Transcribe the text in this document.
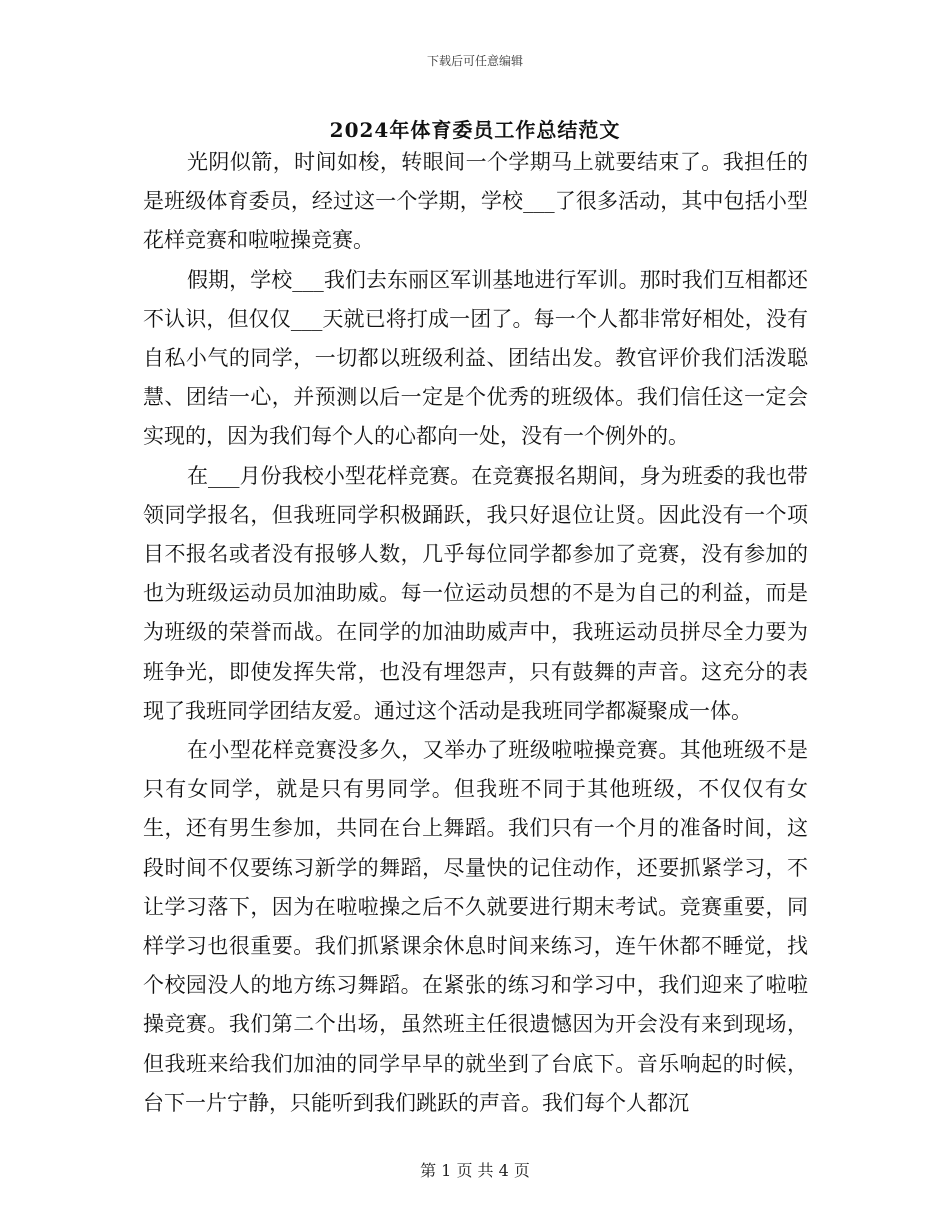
下载后可任意编辑
2024年体育委员工作总结范文

光阴似箭，时间如梭，转眼间一个学期马上就要结束了。我担任的是班级体育委员，经过这一个学期，学校___了很多活动，其中包括小型花样竞赛和啦啦操竞赛。

假期，学校___我们去东丽区军训基地进行军训。那时我们互相都还不认识，但仅仅___天就已将打成一团了。每一个人都非常好相处，没有自私小气的同学，一切都以班级利益、团结出发。教官评价我们活泼聪慧、团结一心，并预测以后一定是个优秀的班级体。我们信任这一定会实现的，因为我们每个人的心都向一处，没有一个例外的。

在___月份我校小型花样竞赛。在竞赛报名期间，身为班委的我也带领同学报名，但我班同学积极踊跃，我只好退位让贤。因此没有一个项目不报名或者没有报够人数，几乎每位同学都参加了竞赛，没有参加的也为班级运动员加油助威。每一位运动员想的不是为自己的利益，而是为班级的荣誉而战。在同学的加油助威声中，我班运动员拼尽全力要为班争光，即使发挥失常，也没有埋怨声，只有鼓舞的声音。这充分的表现了我班同学团结友爱。通过这个活动是我班同学都凝聚成一体。

在小型花样竞赛没多久，又举办了班级啦啦操竞赛。其他班级不是只有女同学，就是只有男同学。但我班不同于其他班级，不仅仅有女生，还有男生参加，共同在台上舞蹈。我们只有一个月的准备时间，这段时间不仅要练习新学的舞蹈，尽量快的记住动作，还要抓紧学习，不让学习落下，因为在啦啦操之后不久就要进行期末考试。竞赛重要，同样学习也很重要。我们抓紧课余休息时间来练习，连午休都不睡觉，找个校园没人的地方练习舞蹈。在紧张的练习和学习中，我们迎来了啦啦操竞赛。我们第二个出场，虽然班主任很遗憾因为开会没有来到现场，但我班来给我们加油的同学早早的就坐到了台底下。音乐响起的时候，台下一片宁静，只能听到我们跳跃的声音。我们每个人都沉

第 1 页 共 4 页
